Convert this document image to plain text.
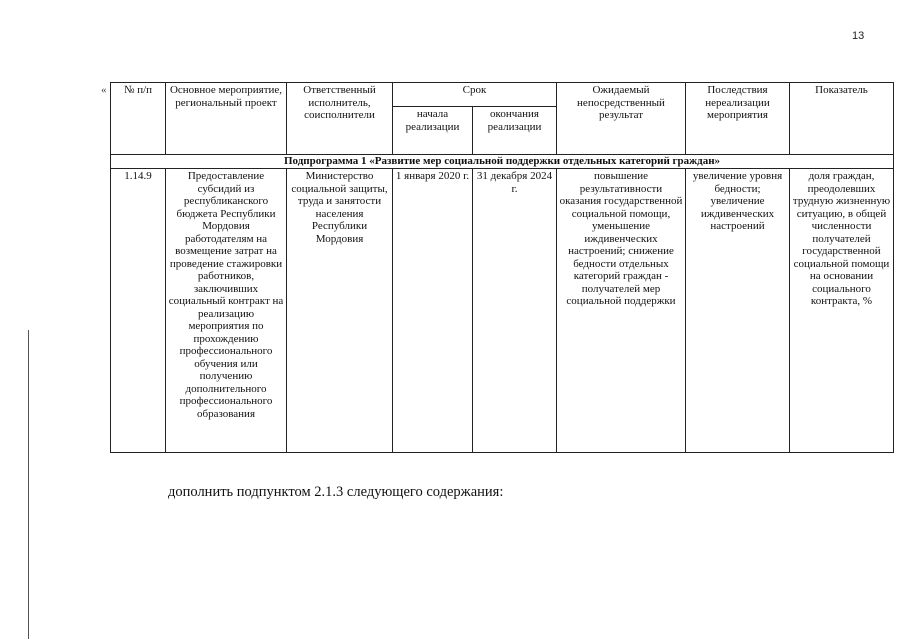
13
« № п/п	Основное мероприятие, региональный проект	Ответственный исполнитель, соисполнители	Срок		Ожидаемый непосредственный результат	Последствия нереализации мероприятия	Показатель
			начала реализации	окончания реализации			
Подпрограмма 1 «Развитие мер социальной поддержки отдельных категорий граждан»							
1.14.9	Предоставление субсидий из республиканского бюджета Республики Мордовия работодателям на возмещение затрат на проведение стажировки работников, заключивших социальный контракт на реализацию мероприятия по прохождению профессионального обучения или получению дополнительного профессионального образования	Министерство социальной защиты, труда и занятости населения Республики Мордовия	1 января 2020 г.	31 декабря 2024 г.	повышение результативности оказания государственной социальной помощи, уменьшение иждивенческих настроений; снижение бедности отдельных категорий граждан - получателей мер социальной поддержки	увеличение уровня бедности; увеличение иждивенческих настроений	доля граждан, преодолевших трудную жизненную ситуацию, в общей численности получателей государственной социальной помощи на основании социального контракта, %
дополнить подпунктом 2.1.3 следующего содержания:
